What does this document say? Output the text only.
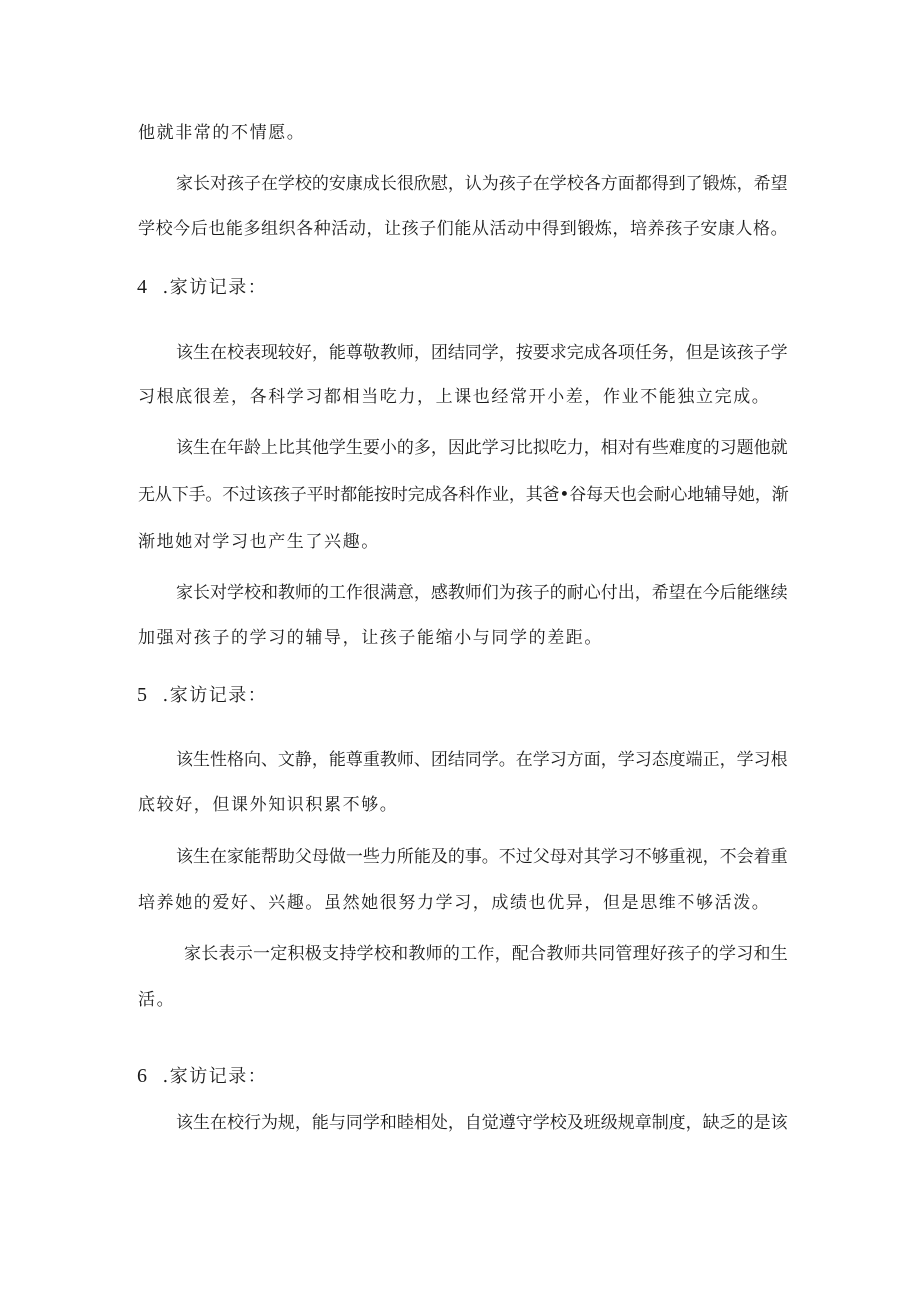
他就非常的不情愿。
家长对孩子在学校的安康成长很欣慰，认为孩子在学校各方面都得到了锻炼，希望
学校今后也能多组织各种活动，让孩子们能从活动中得到锻炼，培养孩子安康人格。
4 .家访记录：
该生在校表现较好，能尊敬教师，团结同学，按要求完成各项任务，但是该孩子学
习根底很差，各科学习都相当吃力，上课也经常开小差，作业不能独立完成。
该生在年龄上比其他学生要小的多，因此学习比拟吃力，相对有些难度的习题他就
无从下手。不过该孩子平时都能按时完成各科作业，其爸•谷每天也会耐心地辅导她，渐
渐地她对学习也产生了兴趣。
家长对学校和教师的工作很满意，感教师们为孩子的耐心付出，希望在今后能继续
加强对孩子的学习的辅导，让孩子能缩小与同学的差距。
5 .家访记录：
该生性格向、文静，能尊重教师、团结同学。在学习方面，学习态度端正，学习根
底较好，但课外知识积累不够。
该生在家能帮助父母做一些力所能及的事。不过父母对其学习不够重视，不会着重
培养她的爱好、兴趣。虽然她很努力学习，成绩也优异，但是思维不够活泼。
家长表示一定积极支持学校和教师的工作，配合教师共同管理好孩子的学习和生
活。
6 .家访记录：
该生在校行为规，能与同学和睦相处，自觉遵守学校及班级规章制度，缺乏的是该
